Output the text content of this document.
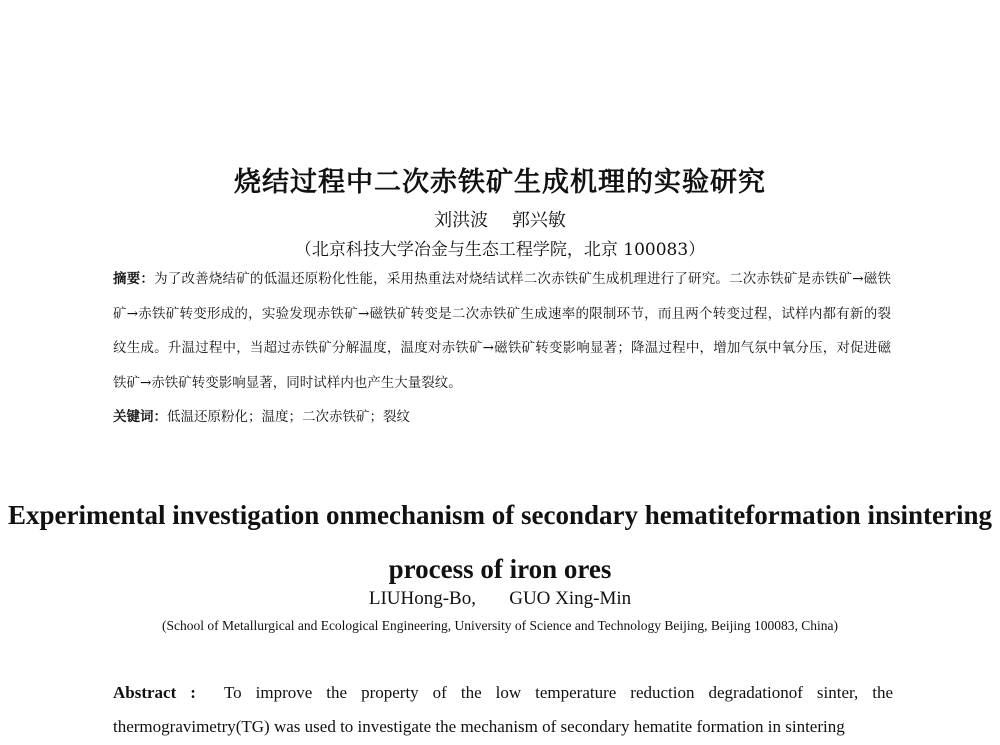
烧结过程中二次赤铁矿生成机理的实验研究
刘洪波 郭兴敏
（北京科技大学冶金与生态工程学院，北京 100083）
摘要：为了改善烧结矿的低温还原粉化性能，采用热重法对烧结试样二次赤铁矿生成机理进行了研究。二次赤铁矿是赤铁矿→磁铁矿→赤铁矿转变形成的，实验发现赤铁矿→磁铁矿转变是二次赤铁矿生成速率的限制环节，而且两个转变过程，试样内都有新的裂纹生成。升温过程中，当超过赤铁矿分解温度，温度对赤铁矿→磁铁矿转变影响显著；降温过程中，增加气氛中氧分压，对促进磁铁矿→赤铁矿转变影响显著，同时试样内也产生大量裂纹。
关键词：低温还原粉化；温度；二次赤铁矿；裂纹
Experimental investigation onmechanism of secondary hematiteformation insintering process of iron ores
LIUHong-Bo,       GUO Xing-Min
(School of Metallurgical and Ecological Engineering, University of Science and Technology Beijing, Beijing 100083, China)
Abstract : To improve the property of the low temperature reduction degradationof sinter, the thermogravimetry(TG) was used to investigate the mechanism of secondary hematite formation in sintering
